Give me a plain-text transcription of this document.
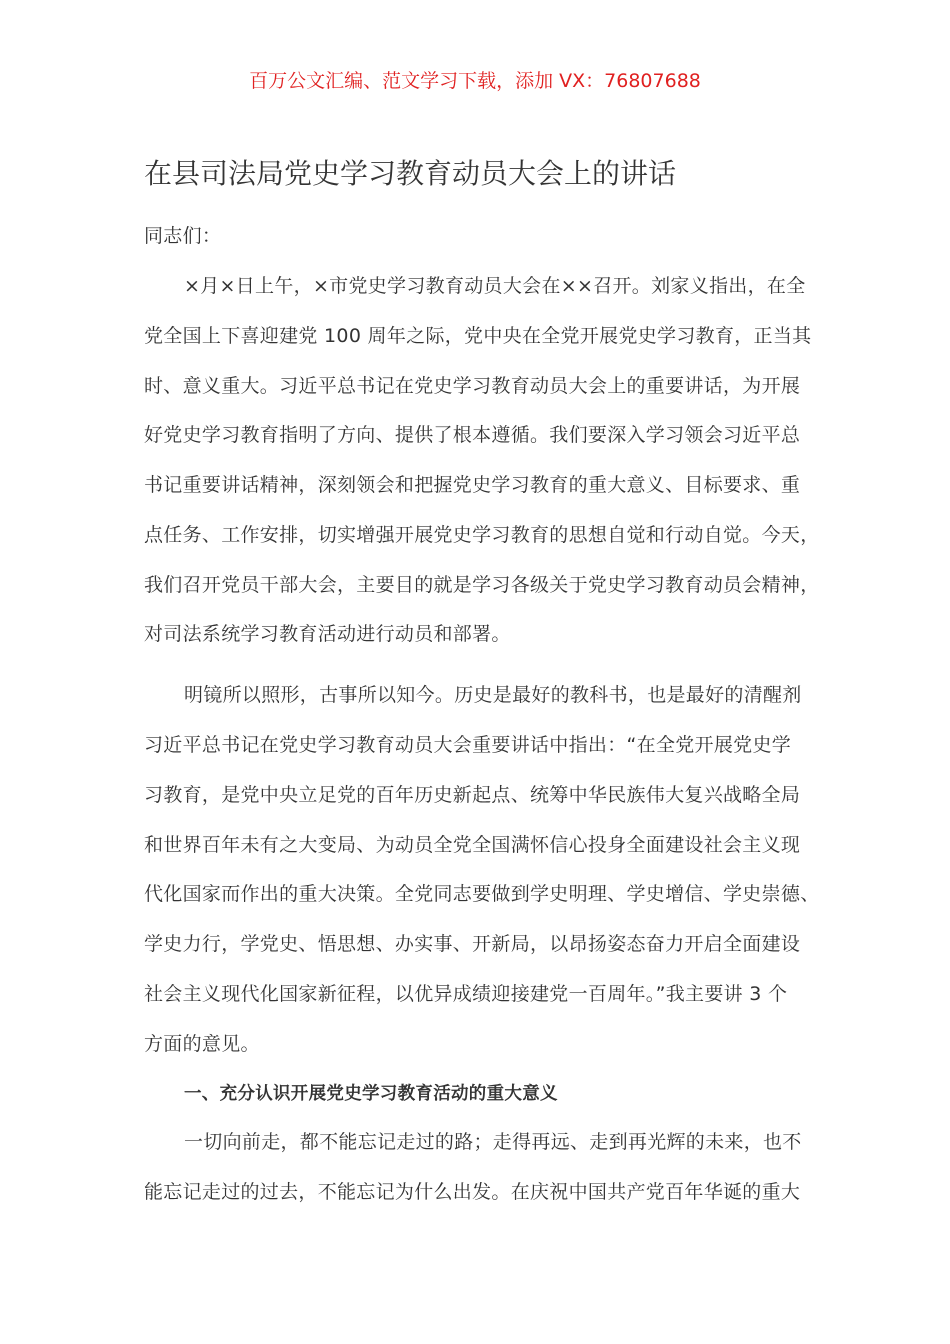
百万公文汇编、范文学习下载，添加 VX：76807688
在县司法局党史学习教育动员大会上的讲话
同志们：
×月×日上午，×市党史学习教育动员大会在××召开。刘家义指出，在全
党全国上下喜迎建党 100 周年之际，党中央在全党开展党史学习教育，正当其
时、意义重大。习近平总书记在党史学习教育动员大会上的重要讲话，为开展
好党史学习教育指明了方向、提供了根本遵循。我们要深入学习领会习近平总
书记重要讲话精神，深刻领会和把握党史学习教育的重大意义、目标要求、重
点任务、工作安排，切实增强开展党史学习教育的思想自觉和行动自觉。今天，
我们召开党员干部大会，主要目的就是学习各级关于党史学习教育动员会精神，
对司法系统学习教育活动进行动员和部署。
明镜所以照形，古事所以知今。历史是最好的教科书，也是最好的清醒剂
习近平总书记在党史学习教育动员大会重要讲话中指出：“在全党开展党史学
习教育，是党中央立足党的百年历史新起点、统筹中华民族伟大复兴战略全局
和世界百年未有之大变局、为动员全党全国满怀信心投身全面建设社会主义现
代化国家而作出的重大决策。全党同志要做到学史明理、学史增信、学史崇德、
学史力行，学党史、悟思想、办实事、开新局，以昂扬姿态奋力开启全面建设
社会主义现代化国家新征程，以优异成绩迎接建党一百周年。”我主要讲 3 个
方面的意见。
一、充分认识开展党史学习教育活动的重大意义
一切向前走，都不能忘记走过的路；走得再远、走到再光辉的未来，也不
能忘记走过的过去，不能忘记为什么出发。在庆祝中国共产党百年华诞的重大
